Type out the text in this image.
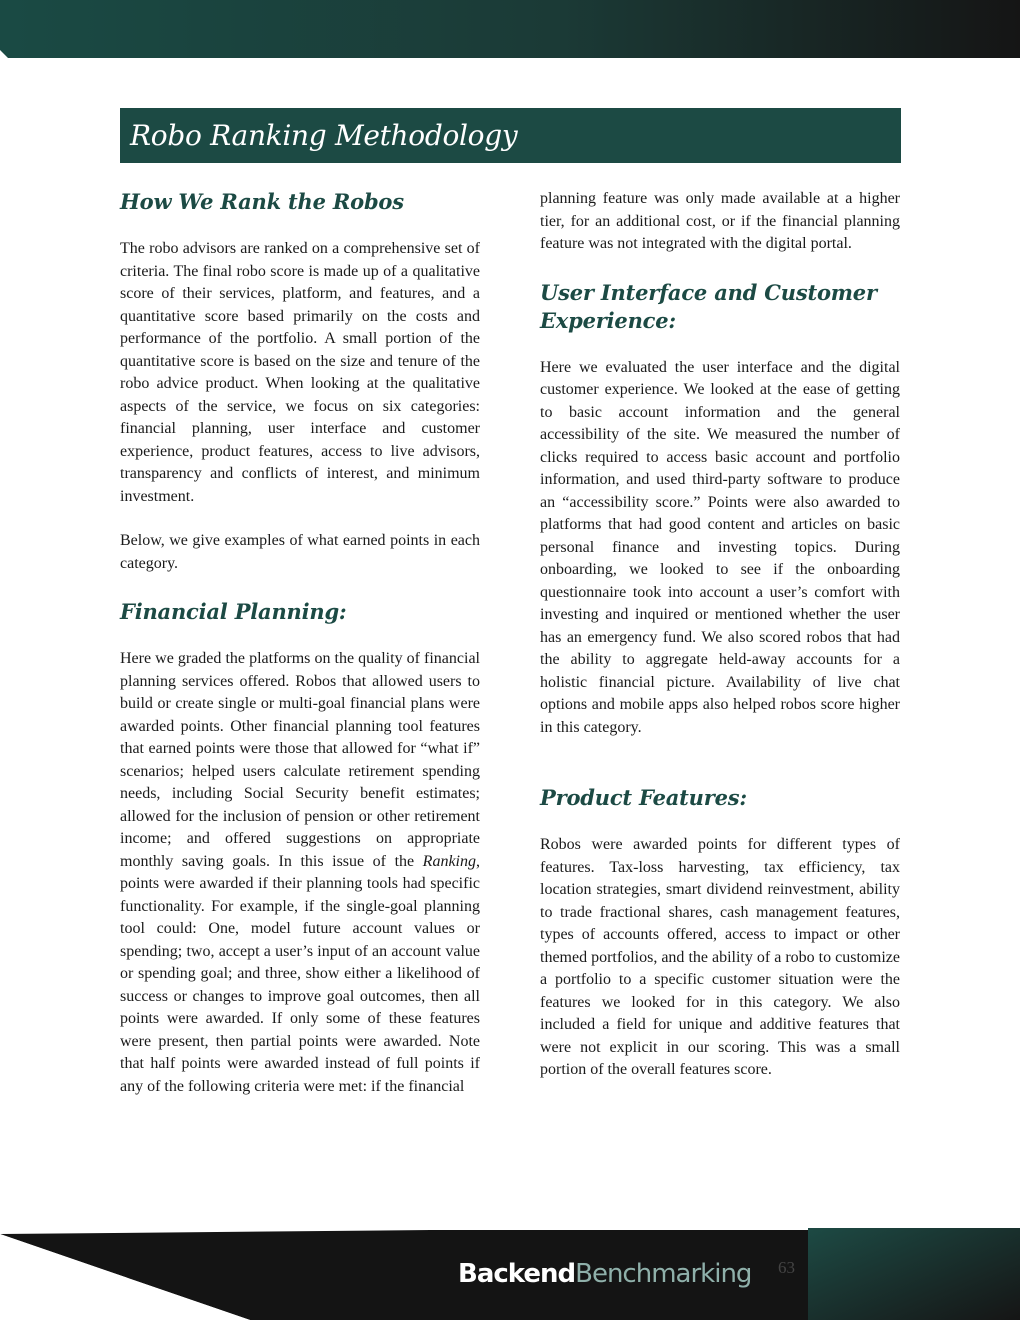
Robo Ranking Methodology
How We Rank the Robos

The robo advisors are ranked on a comprehensive set of criteria. The final robo score is made up of a qualitative score of their services, platform, and features, and a quantitative score based primarily on the costs and performance of the portfolio. A small portion of the quantitative score is based on the size and tenure of the robo advice product. When looking at the qualitative aspects of the service, we focus on six categories: financial planning, user interface and customer experience, product features, access to live advisors, transparency and conflicts of interest, and minimum investment.

Below, we give examples of what earned points in each category.

Financial Planning:

Here we graded the platforms on the quality of financial planning services offered. Robos that allowed users to build or create single or multi-goal financial plans were awarded points. Other financial planning tool features that earned points were those that allowed for “what if” scenarios; helped users calculate retirement spending needs, including Social Security benefit estimates; allowed for the inclusion of pension or other retirement income; and offered suggestions on appropriate monthly saving goals. In this issue of the Ranking, points were awarded if their planning tools had specific functionality. For example, if the single-goal planning tool could: One, model future account values or spending; two, accept a user’s input of an account value or spending goal; and three, show either a likelihood of success or changes to improve goal outcomes, then all points were awarded. If only some of these features were present, then partial points were awarded. Note that half points were awarded instead of full points if any of the following criteria were met: if the financial

planning feature was only made available at a higher tier, for an additional cost, or if the financial planning feature was not integrated with the digital portal.

User Interface and Customer Experience:

Here we evaluated the user interface and the digital customer experience. We looked at the ease of getting to basic account information and the general accessibility of the site. We measured the number of clicks required to access basic account and portfolio information, and used third-party software to produce an “accessibility score.” Points were also awarded to platforms that had good content and articles on basic personal finance and investing topics. During onboarding, we looked to see if the onboarding questionnaire took into account a user’s comfort with investing and inquired or mentioned whether the user has an emergency fund. We also scored robos that had the ability to aggregate held-away accounts for a holistic financial picture. Availability of live chat options and mobile apps also helped robos score higher in this category.

Product Features:

Robos were awarded points for different types of features. Tax-loss harvesting, tax efficiency, tax location strategies, smart dividend reinvestment, ability to trade fractional shares, cash management features, types of accounts offered, access to impact or other themed portfolios, and the ability of a robo to customize a portfolio to a specific customer situation were the features we looked for in this category. We also included a field for unique and additive features that were not explicit in our scoring. This was a small portion of the overall features score.

Backend Benchmarking 63
